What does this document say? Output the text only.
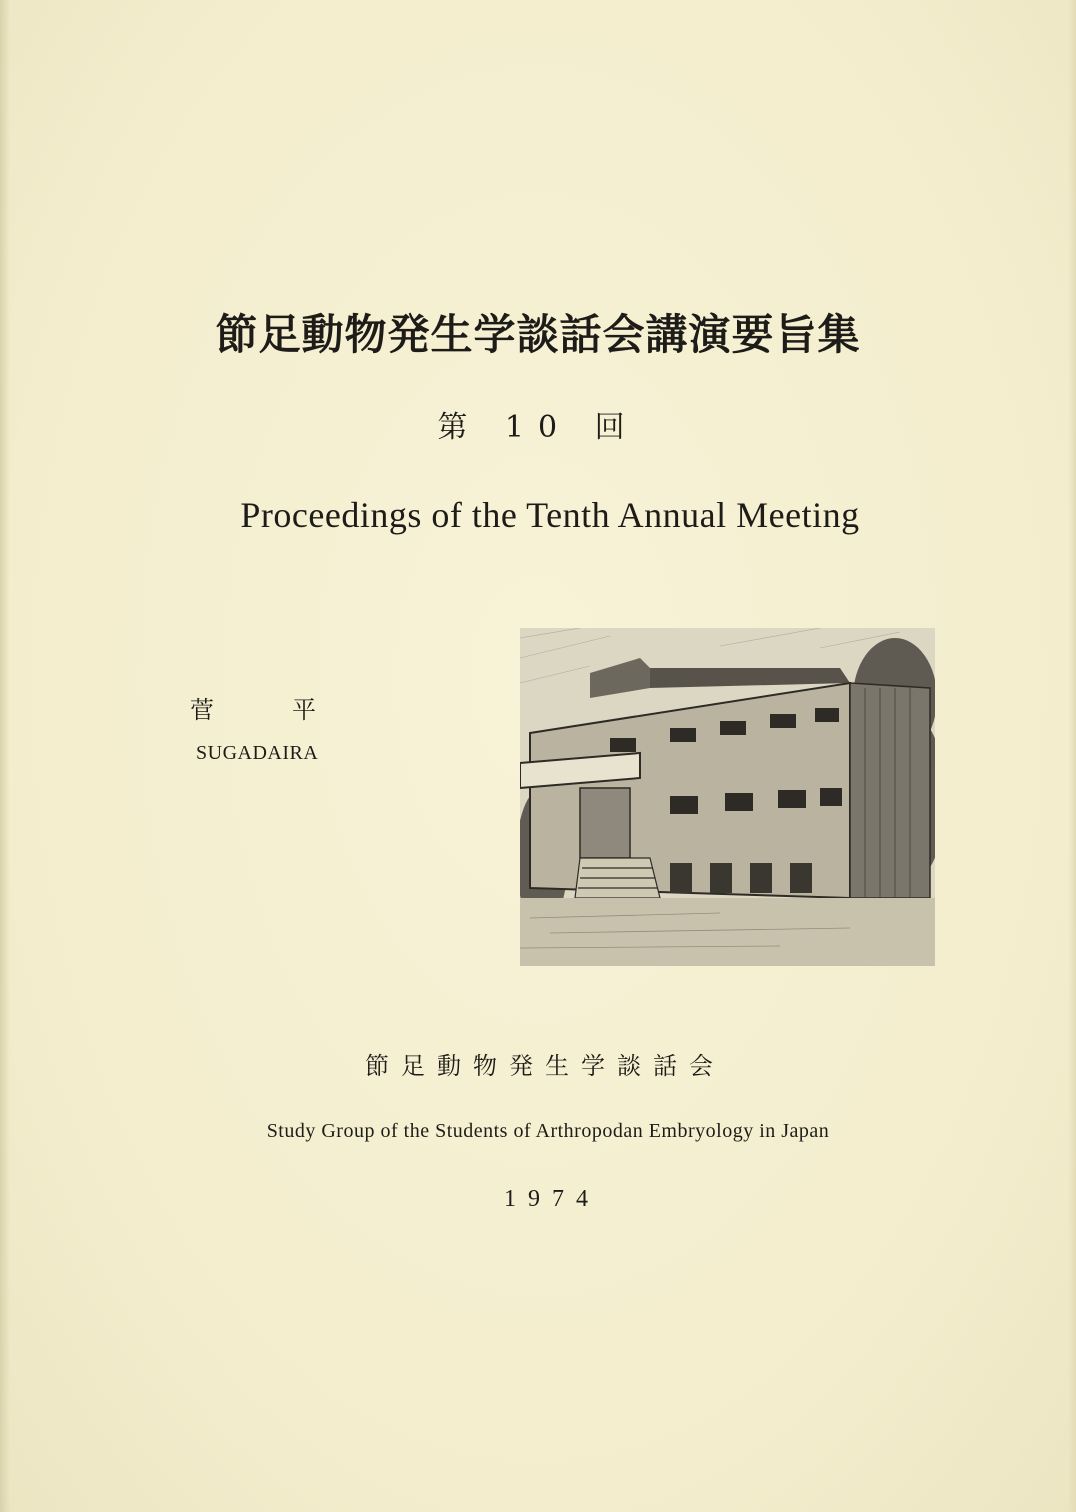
節足動物発生学談話会講演要旨集
第 10 回
Proceedings of the Tenth Annual Meeting
菅平
SUGADAIRA
節足動物発生学談話会
Study Group of the Students of Arthropodan Embryology in Japan
1974
